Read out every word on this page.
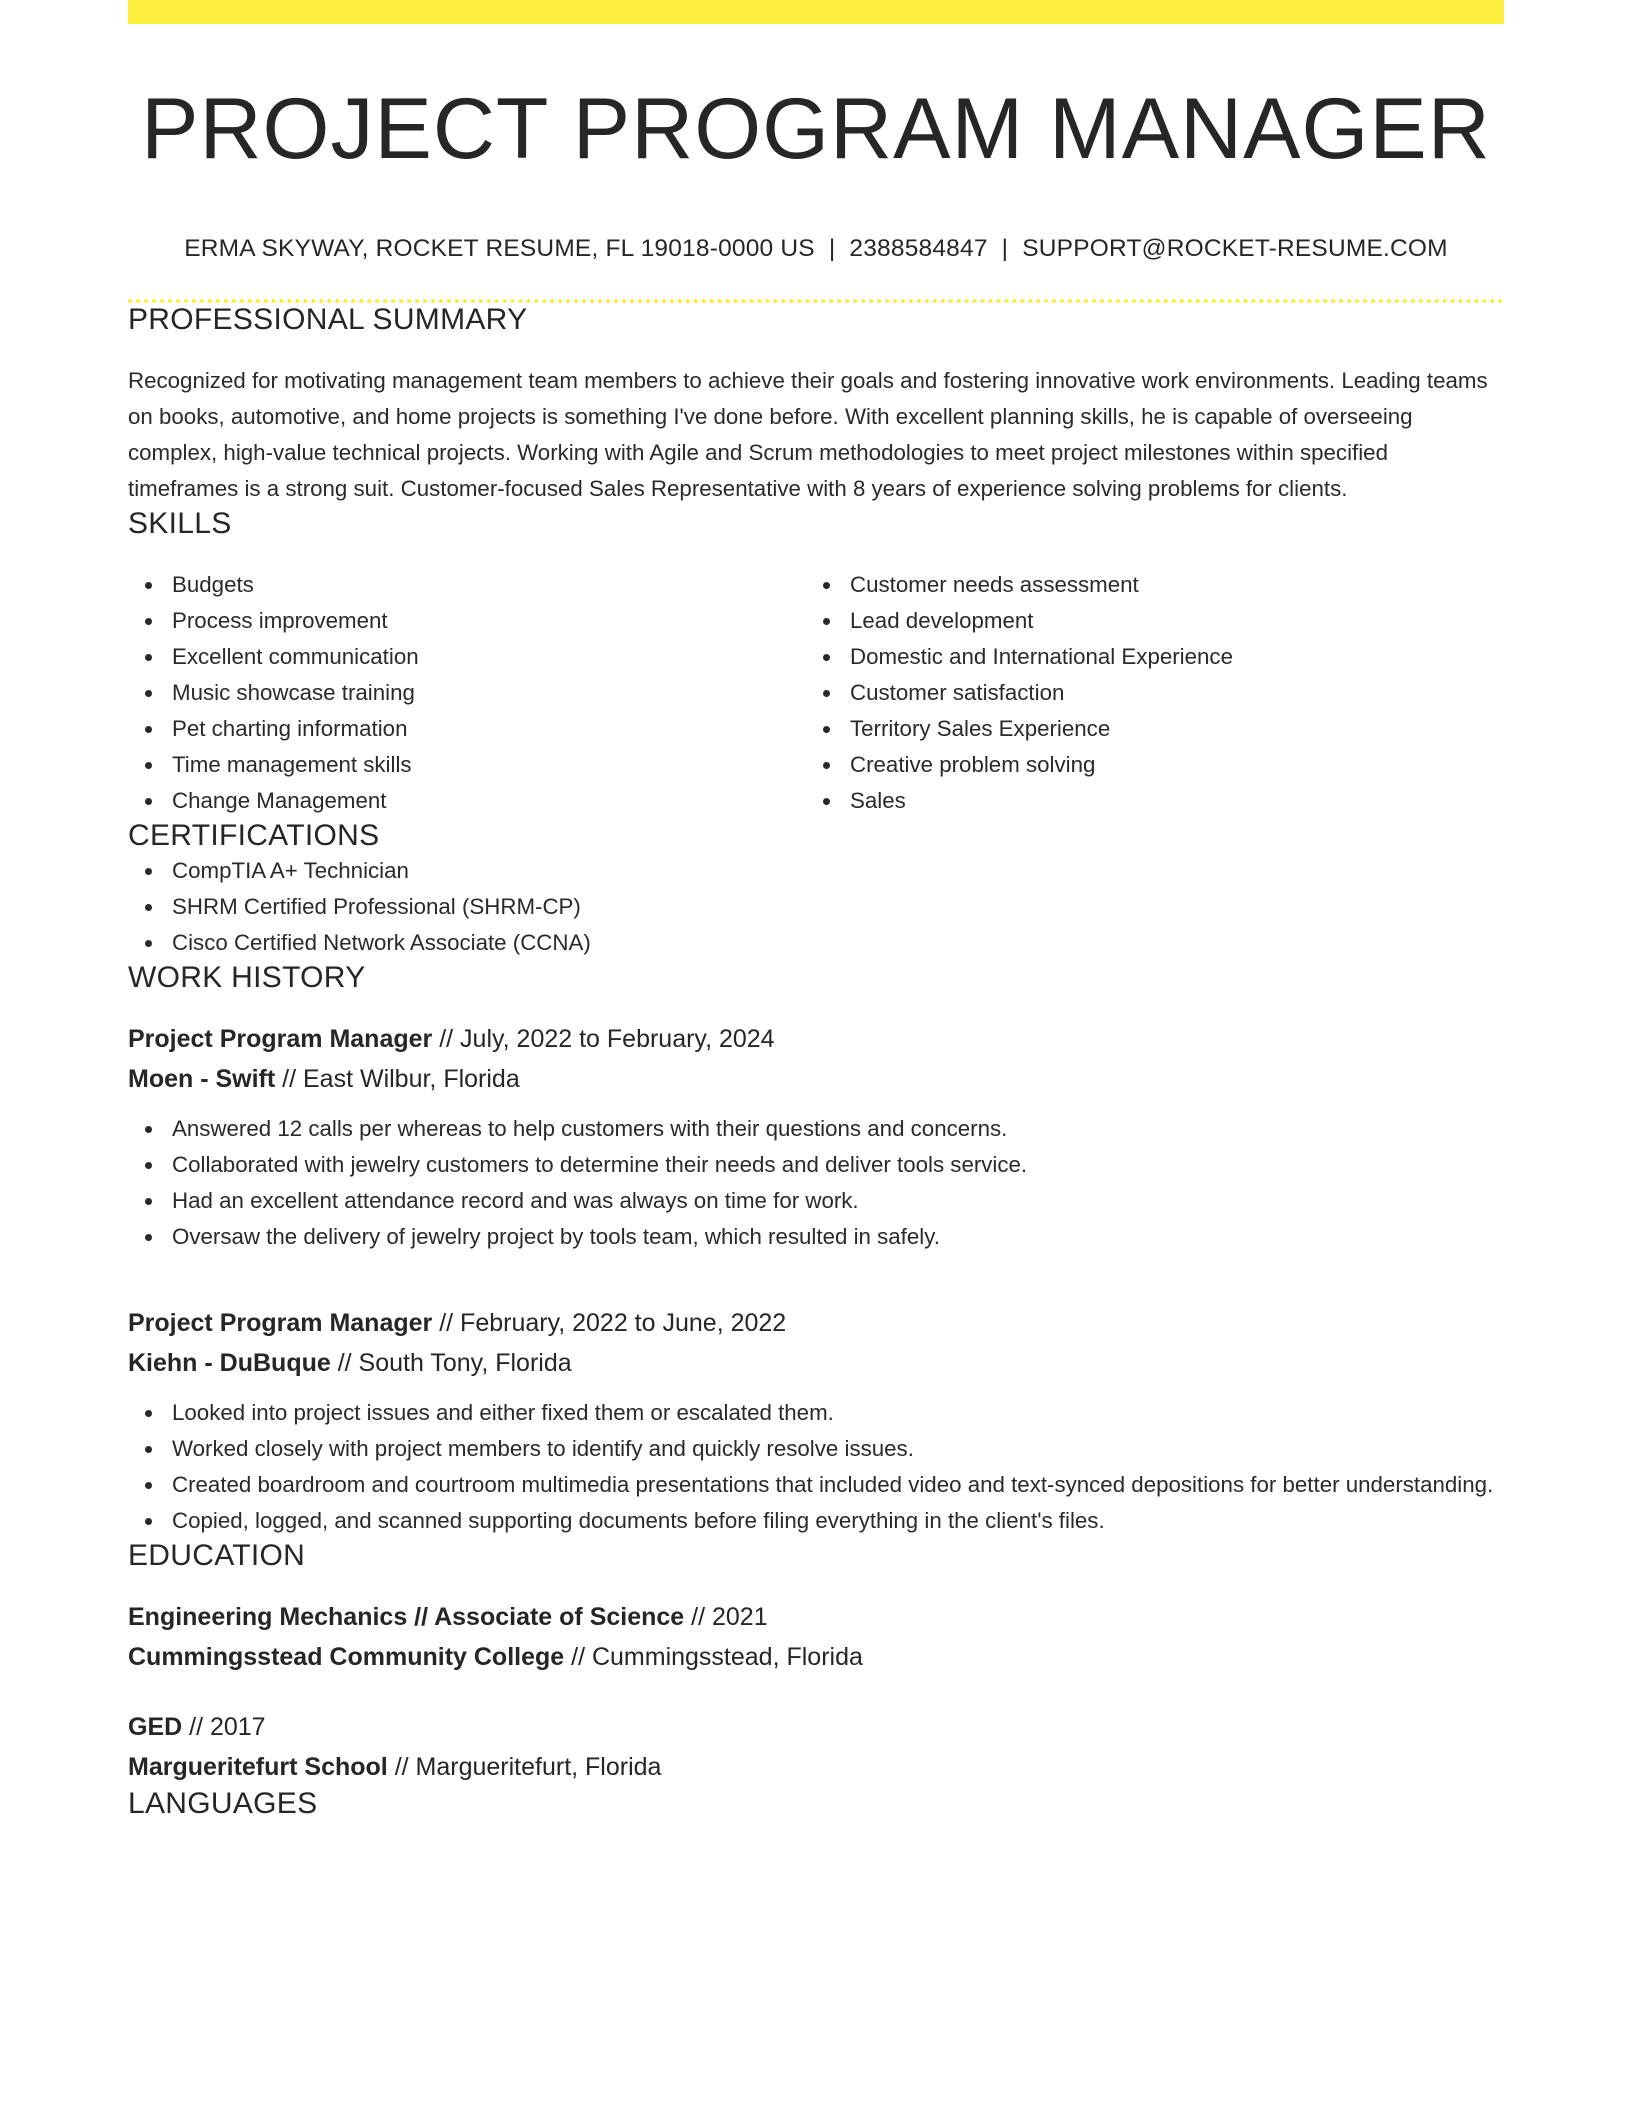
PROJECT PROGRAM MANAGER
ERMA SKYWAY, ROCKET RESUME, FL 19018-0000 US | 2388584847 | SUPPORT@ROCKET-RESUME.COM
PROFESSIONAL SUMMARY

Recognized for motivating management team members to achieve their goals and fostering innovative work environments. Leading teams on books, automotive, and home projects is something I've done before. With excellent planning skills, he is capable of overseeing complex, high-value technical projects. Working with Agile and Scrum methodologies to meet project milestones within specified timeframes is a strong suit. Customer-focused Sales Representative with 8 years of experience solving problems for clients.

SKILLS
Budgets
Process improvement
Excellent communication
Music showcase training
Pet charting information
Time management skills
Change Management
Customer needs assessment
Lead development
Domestic and International Experience
Customer satisfaction
Territory Sales Experience
Creative problem solving
Sales
CERTIFICATIONS
CompTIA A+ Technician
SHRM Certified Professional (SHRM-CP)
Cisco Certified Network Associate (CCNA)
WORK HISTORY
Project Program Manager // July, 2022 to February, 2024
Moen - Swift // East Wilbur, Florida
Answered 12 calls per whereas to help customers with their questions and concerns.
Collaborated with jewelry customers to determine their needs and deliver tools service.
Had an excellent attendance record and was always on time for work.
Oversaw the delivery of jewelry project by tools team, which resulted in safely.
Project Program Manager // February, 2022 to June, 2022
Kiehn - DuBuque // South Tony, Florida
Looked into project issues and either fixed them or escalated them.
Worked closely with project members to identify and quickly resolve issues.
Created boardroom and courtroom multimedia presentations that included video and text-synced depositions for better understanding.
Copied, logged, and scanned supporting documents before filing everything in the client's files.
EDUCATION
Engineering Mechanics // Associate of Science // 2021
Cummingsstead Community College // Cummingsstead, Florida
GED // 2017
Margueritefurt School // Margueritefurt, Florida
LANGUAGES
